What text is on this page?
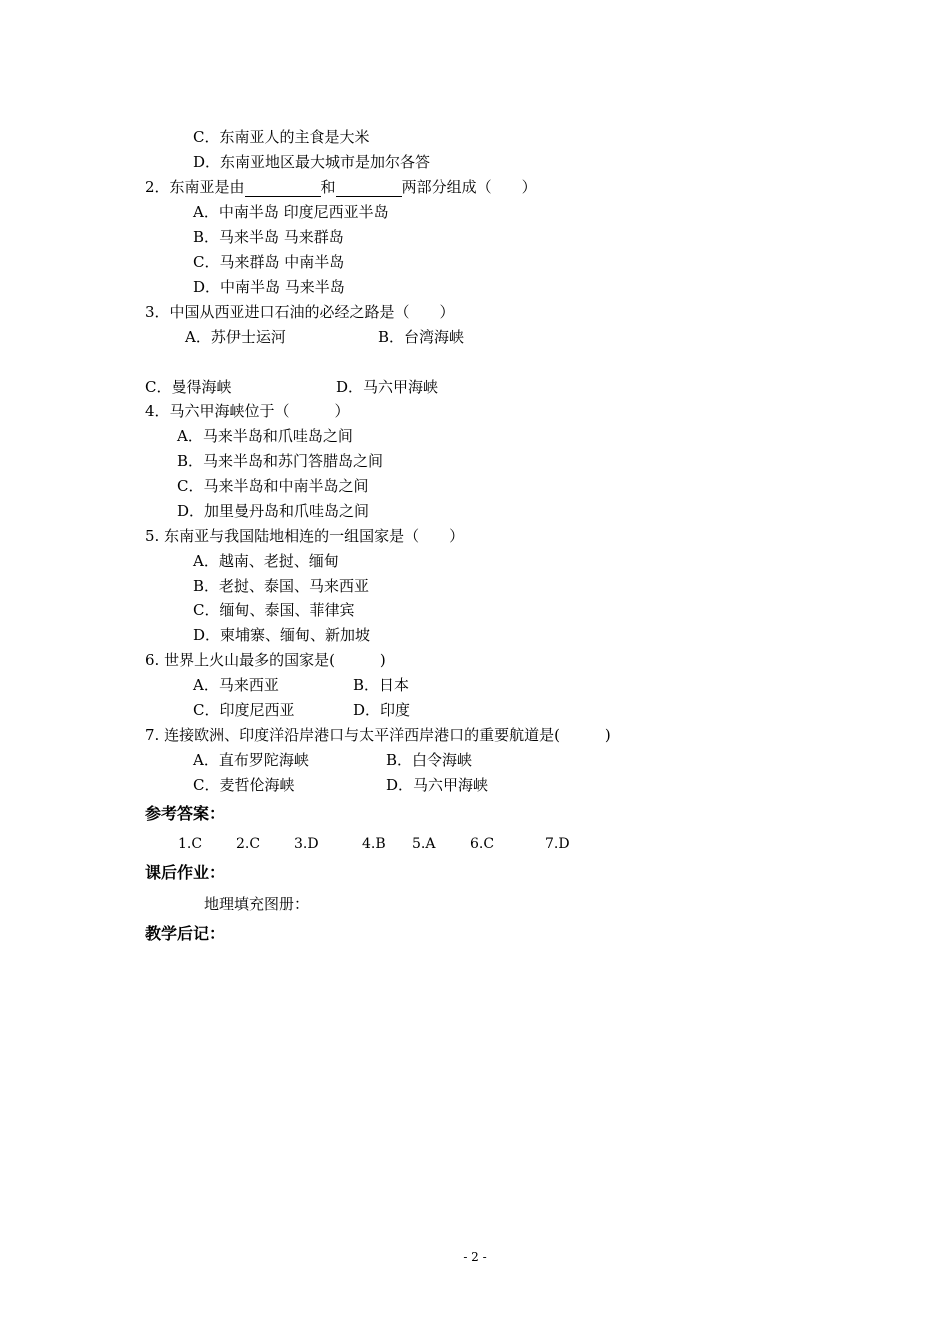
C．东南亚人的主食是大米
D．东南亚地区最大城市是加尔各答
2．东南亚是由	和	两部分组成（　　）
A．中南半岛 印度尼西亚半岛
B．马来半岛 马来群岛
C．马来群岛 中南半岛
D．中南半岛 马来半岛
3．中国从西亚进口石油的必经之路是（　　）
A．苏伊士运河	B．台湾海峡
C．曼得海峡	D．马六甲海峡
4．马六甲海峡位于（　　　）
A．马来半岛和爪哇岛之间
B．马来半岛和苏门答腊岛之间
C．马来半岛和中南半岛之间
D．加里曼丹岛和爪哇岛之间
5. 东南亚与我国陆地相连的一组国家是（　　）
A．越南、老挝、缅甸
B．老挝、泰国、马来西亚
C．缅甸、泰国、菲律宾
D．柬埔寨、缅甸、新加坡
6. 世界上火山最多的国家是(　　　)
A．马来西亚	B．日本
C．印度尼西亚	D．印度
7. 连接欧洲、印度洋沿岸港口与太平洋西岸港口的重要航道是(　　　)
A．直布罗陀海峡	B．白令海峡
C．麦哲伦海峡	D．马六甲海峡
参考答案：
1.C 2.C 3.D	4.B 5.A 6.C	7.D
课后作业：
地理填充图册：
教学后记：
- 2 -
